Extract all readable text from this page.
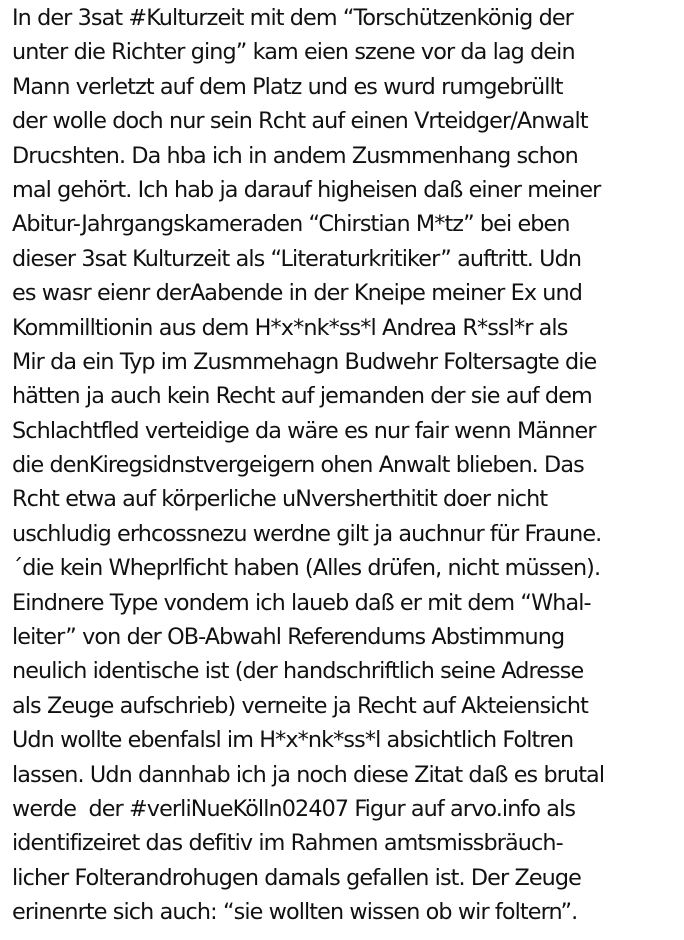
In der 3sat #Kulturzeit mit dem “Torschützenkönig der
unter die Richter ging” kam eien szene vor da lag dein
Mann verletzt auf dem Platz und es wurd rumgebrüllt
der wolle doch nur sein Rcht auf einen Vrteidger/Anwalt
Drucshten. Da hba ich in andem Zusmmenhang schon
mal gehört. Ich hab ja darauf higheisen daß einer meiner
Abitur-Jahrgangskameraden “Chirstian M*tz” bei eben
dieser 3sat Kulturzeit als “Literaturkritiker” auftritt. Udn
es wasr eienr derAabende in der Kneipe meiner Ex und
Kommilltionin aus dem H*x*nk*ss*l Andrea R*ssl*r als
Mir da ein Typ im Zusmmehagn Budwehr Foltersagte die
hätten ja auch kein Recht auf jemanden der sie auf dem
Schlachtfled verteidige da wäre es nur fair wenn Männer
die denKiregsidnstvergeigern ohen Anwalt blieben. Das
Rcht etwa auf körperliche uNversherthitit doer nicht
uschludig erhcossnezu werdne gilt ja auchnur für Fraune.
´die kein Wheprlficht haben (Alles drüfen, nicht müssen).
Eindnere Type vondem ich laueb daß er mit dem “Whal-
leiter” von der OB-Abwahl Referendums Abstimmung
neulich identische ist (der handschriftlich seine Adresse
als Zeuge aufschrieb) verneite ja Recht auf Akteiensicht
Udn wollte ebenfalsl im H*x*nk*ss*l absichtlich Foltren
lassen. Udn dannhab ich ja noch diese Zitat daß es brutal
werde  der #verliNueKölln02407 Figur auf arvo.info als
identifizeiret das defitiv im Rahmen amtsmissbräuch-
licher Folterandrohugen damals gefallen ist. Der Zeuge
erinenrte sich auch: “sie wollten wissen ob wir foltern”.
